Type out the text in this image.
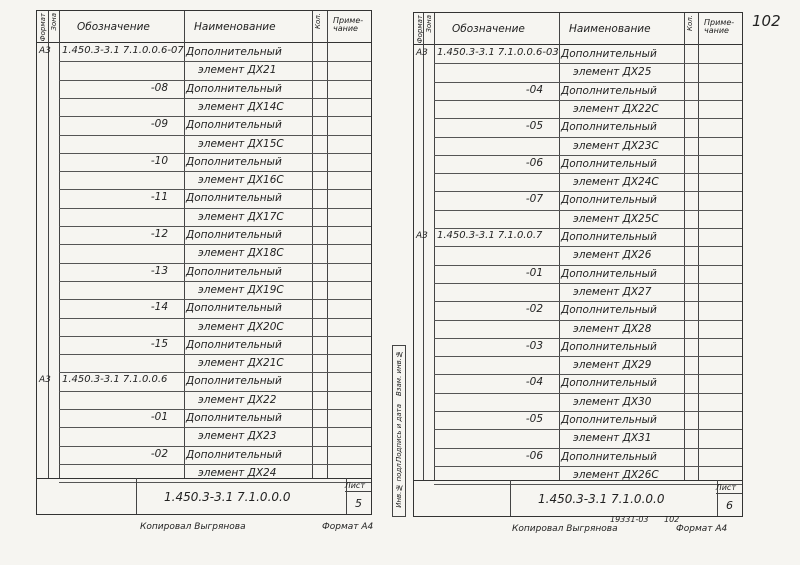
102
Формат Зона Обозначение	Наименование	Кол. Приме-чание
А3 1.450.3-3.1 7.1.0.0.6-07 Дополнительный
элемент ДХ21
-08 Дополнительный
элемент ДХ14С
-09 Дополнительный
элемент ДХ15С
-10 Дополнительный
элемент ДХ16С
-11 Дополнительный
элемент ДХ17С
-12 Дополнительный
элемент ДХ18С
-13 Дополнительный
элемент ДХ19С
-14 Дополнительный
элемент ДХ20С
-15 Дополнительный
элемент ДХ21С
А3 1.450.3-3.1 7.1.0.0.6 Дополнительный
элемент ДХ22
-01 Дополнительный
элемент ДХ23
-02 Дополнительный
элемент ДХ24
1.450.3-3.1 7.1.0.0.0
Лист
5
Формат Зона Обозначение	Наименование	Кол. Приме-чание
А3 1.450.3-3.1 7.1.0.0.6-03 Дополнительный
элемент ДХ25
-04 Дополнительный
элемент ДХ22С
-05 Дополнительный
элемент ДХ23С
-06 Дополнительный
элемент ДХ24С
-07 Дополнительный
элемент ДХ25С
А3 1.450.3-3.1 7.1.0.0.7 Дополнительный
элемент ДХ26
-01 Дополнительный
элемент ДХ27
-02 Дополнительный
элемент ДХ28
-03 Дополнительный
элемент ДХ29
-04 Дополнительный
элемент ДХ30
-05 Дополнительный
элемент ДХ31
-06 Дополнительный
элемент ДХ26С
1.450.3-3.1 7.1.0.0.0
Лист
6
Копировал Выгрянова	Формат А4	Копировал Выгрянова	Формат А4
19331-03 102
Инв.№ подл.
Подпись и дата
Взам. инв.№
